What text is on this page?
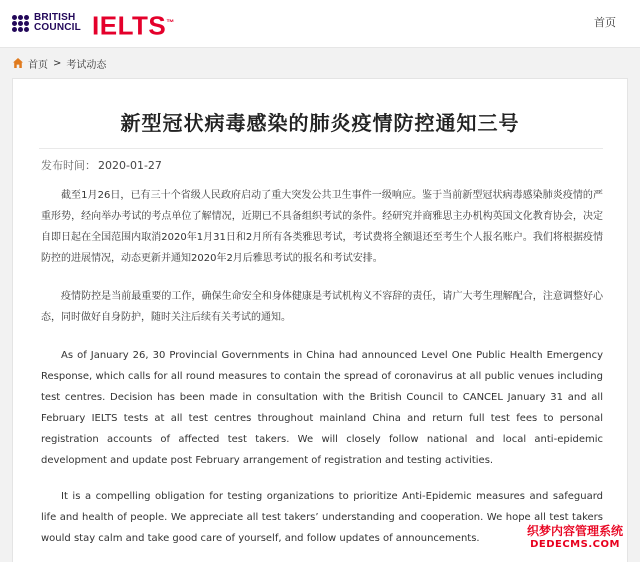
BRITISH
COUNCIL IELTS™	首页
首页 > 考试动态
新型冠状病毒感染的肺炎疫情防控通知三号
发布时间： 2020-01-27

截至1月26日，已有三十个省级人民政府启动了重大突发公共卫生事件一级响应。鉴于当前新型冠状病毒感染肺炎疫情的严重形势，经向举办考试的考点单位了解情况，近期已不具备组织考试的条件。经研究并商雅思主办机构英国文化教育协会，决定自即日起在全国范围内取消2020年1月31日和2月所有各类雅思考试，考试费将全额退还至考生个人报名账户。我们将根据疫情防控的进展情况，动态更新并通知2020年2月后雅思考试的报名和考试安排。

疫情防控是当前最重要的工作，确保生命安全和身体健康是考试机构义不容辞的责任，请广大考生理解配合，注意调整好心态，同时做好自身防护，随时关注后续有关考试的通知。

As of January 26, 30 Provincial Governments in China had announced Level One Public Health Emergency Response, which calls for all round measures to contain the spread of coronavirus at all public venues including test centres. Decision has been made in consultation with the British Council to CANCEL January 31 and all February IELTS tests at all test centres throughout mainland China and return full test fees to personal registration accounts of affected test takers. We will closely follow national and local anti-epidemic development and update post February arrangement of registration and testing activities.

It is a compelling obligation for testing organizations to prioritize Anti-Epidemic measures and safeguard life and health of people. We appreciate all test takers’ understanding and cooperation. We hope all test takers would stay calm and take good care of yourself, and follow updates of announcements.

织梦内容管理系统
DEDECMS.COM
